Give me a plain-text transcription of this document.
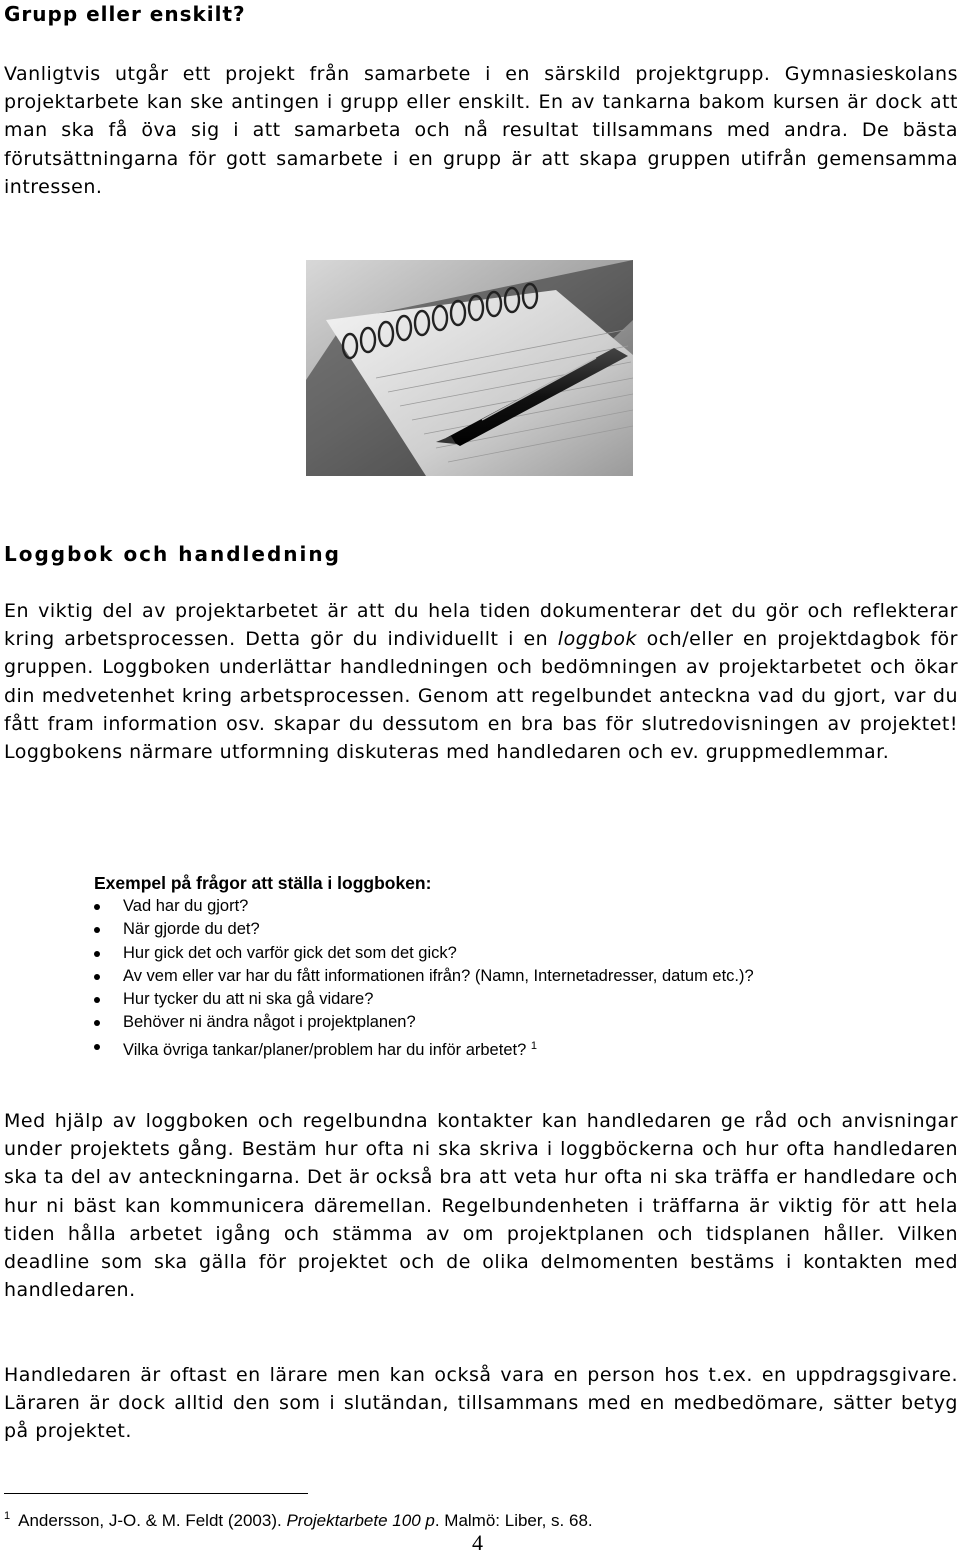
Grupp eller enskilt?

Vanligtvis utgår ett projekt från samarbete i en särskild projektgrupp. Gymnasieskolans projektarbete kan ske antingen i grupp eller enskilt. En av tankarna bakom kursen är dock att man ska få öva sig i att samarbeta och nå resultat tillsammans med andra. De bästa förutsättningarna för gott samarbete i en grupp är att skapa gruppen utifrån gemensamma intressen.

Loggbok och handledning

En viktig del av projektarbetet är att du hela tiden dokumenterar det du gör och reflekterar kring arbetsprocessen. Detta gör du individuellt i en loggbok och/eller en projektdagbok för gruppen. Loggboken underlättar handledningen och bedömningen av projektarbetet och ökar din medvetenhet kring arbetsprocessen. Genom att regelbundet anteckna vad du gjort, var du fått fram information osv. skapar du dessutom en bra bas för slutredovisningen av projektet! Loggbokens närmare utformning diskuteras med handledaren och ev. gruppmedlemmar.

Exempel på frågor att ställa i loggboken:

Vad har du gjort?
När gjorde du det?
Hur gick det och varför gick det som det gick?
Av vem eller var har du fått informationen ifrån? (Namn, Internetadresser, datum etc.)?
Hur tycker du att ni ska gå vidare?
Behöver ni ändra något i projektplanen?
Vilka övriga tankar/planer/problem har du inför arbetet? $^1$

Med hjälp av loggboken och regelbundna kontakter kan handledaren ge råd och anvisningar under projektets gång. Bestäm hur ofta ni ska skriva i loggböckerna och hur ofta handledaren ska ta del av anteckningarna. Det är också bra att veta hur ofta ni ska träffa er handledare och hur ni bäst kan kommunicera däremellan. Regelbundenheten i träffarna är viktig för att hela tiden hålla arbetet igång och stämma av om projektplanen och tidsplanen håller. Vilken deadline som ska gälla för projektet och de olika delmomenten bestäms i kontakten med handledaren.

Handledaren är oftast en lärare men kan också vara en person hos t.ex. en uppdragsgivare. Läraren är dock alltid den som i slutändan, tillsammans med en medbedömare, sätter betyg på projektet.

$^1$ Andersson, J-O. & M. Feldt (2003). Projektarbete 100 p. Malmö: Liber, s. 68.

4
